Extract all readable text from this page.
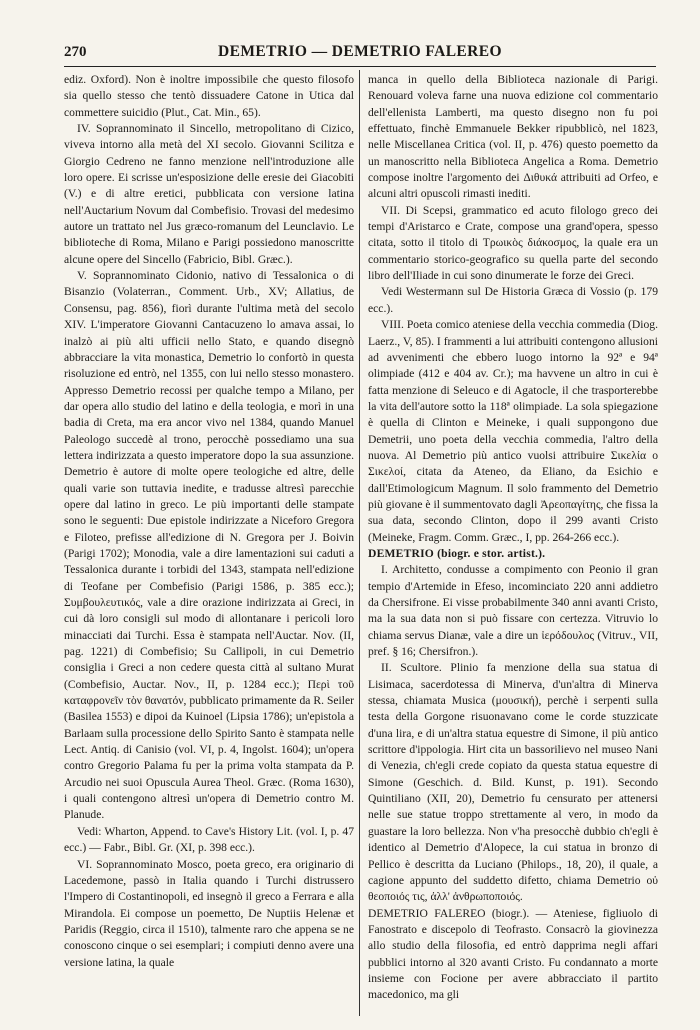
270	DEMETRIO — DEMETRIO FALEREO

ediz. Oxford). Non è inoltre impossibile che questo filosofo sia quello stesso che tentò dissuadere Catone in Utica dal commettere suicidio (Plut., Cat. Min., 65).

IV. Soprannominato il Sincello, metropolitano di Cizico, viveva intorno alla metà del XI secolo. Giovanni Scilitza e Giorgio Cedreno ne fanno menzione nell'introduzione alle loro opere. Ei scrisse un'esposizione delle eresie dei Giacobiti (V.) e di altre eretici, pubblicata con versione latina nell'Auctarium Novum dal Combefisio. Trovasi del medesimo autore un trattato nel Jus græco-romanum del Leunclavio. Le biblioteche di Roma, Milano e Parigi possiedono manoscritte alcune opere del Sincello (Fabricio, Bibl. Græc.).

V. Soprannominato Cidonio, nativo di Tessalonica o di Bisanzio (Volaterran., Comment. Urb., XV; Allatius, de Consensu, pag. 856), fiorì durante l'ultima metà del secolo XIV. L'imperatore Giovanni Cantacuzeno lo amava assai, lo inalzò ai più alti ufficii nello Stato, e quando disegnò abbracciare la vita monastica, Demetrio lo confortò in questa risoluzione ed entrò, nel 1355, con lui nello stesso monastero. Appresso Demetrio recossi per qualche tempo a Milano, per dar opera allo studio del latino e della teologia, e morì in una badia di Creta, ma era ancor vivo nel 1384, quando Manuel Paleologo succedè al trono, perocchè possediamo una sua lettera indirizzata a questo imperatore dopo la sua assunzione. Demetrio è autore di molte opere teologiche ed altre, delle quali varie son tuttavia inedite, e tradusse altresì parecchie opere dal latino in greco. Le più importanti delle stampate sono le seguenti: Due epistole indirizzate a Niceforo Gregora e Filoteo, prefisse all'edizione di N. Gregora per J. Boivin (Parigi 1702); Monodia, vale a dire lamentazioni sui caduti a Tessalonica durante i torbidi del 1343, stampata nell'edizione di Teofane per Combefisio (Parigi 1586, p. 385 ecc.); Συμβουλευτικός, vale a dire orazione indirizzata ai Greci, in cui dà loro consigli sul modo di allontanare i pericoli loro minacciati dai Turchi. Essa è stampata nell'Auctar. Nov. (II, pag. 1221) di Combefisio; Su Callipoli, in cui Demetrio consiglia i Greci a non cedere questa città al sultano Murat (Combefisio, Auctar. Nov., II, p. 1284 ecc.); Περὶ τοῦ καταφρονεῖν τὸν θανατόν, pubblicato primamente da R. Seiler (Basilea 1553) e dipoi da Kuinoel (Lipsia 1786); un'epistola a Barlaam sulla processione dello Spirito Santo è stampata nelle Lect. Antiq. di Canisio (vol. VI, p. 4, Ingolst. 1604); un'opera contro Gregorio Palama fu per la prima volta stampata da P. Arcudio nei suoi Opuscula Aurea Theol. Græc. (Roma 1630), i quali contengono altresì un'opera di Demetrio contro M. Planude.

Vedi: Wharton, Append. to Cave's History Lit. (vol. I, p. 47 ecc.) — Fabr., Bibl. Gr. (XI, p. 398 ecc.).

VI. Soprannominato Mosco, poeta greco, era originario di Lacedemone, passò in Italia quando i Turchi distrussero l'Impero di Costantinopoli, ed insegnò il greco a Ferrara e alla Mirandola. Ei compose un poemetto, De Nuptiis Helenæ et Paridis (Reggio, circa il 1510), talmente raro che appena se ne conoscono cinque o sei esemplari; i compiuti denno avere una versione latina, la quale

manca in quello della Biblioteca nazionale di Parigi. Renouard voleva farne una nuova edizione col commentario dell'ellenista Lamberti, ma questo disegno non fu poi effettuato, finchè Emmanuele Bekker ripubblicò, nel 1823, nelle Miscellanea Critica (vol. II, p. 476) questo poemetto da un manoscritto nella Biblioteca Angelica a Roma. Demetrio compose inoltre l'argomento dei Διθυκά attribuiti ad Orfeo, e alcuni altri opuscoli rimasti inediti.

VII. Di Scepsi, grammatico ed acuto filologo greco dei tempi d'Aristarco e Crate, compose una grand'opera, spesso citata, sotto il titolo di Τρωικὸς διάκοσμος, la quale era un commentario storico-geografico su quella parte del secondo libro dell'Iliade in cui sono dinumerate le forze dei Greci.

Vedi Westermann sul De Historia Græca di Vossio (p. 179 ecc.).

VIII. Poeta comico ateniese della vecchia commedia (Diog. Laerz., V, 85). I frammenti a lui attribuiti contengono allusioni ad avvenimenti che ebbero luogo intorno la 92ª e 94ª olimpiade (412 e 404 av. Cr.); ma havvene un altro in cui è fatta menzione di Seleuco e di Agatocle, il che trasporterebbe la vita dell'autore sotto la 118ª olimpiade. La sola spiegazione è quella di Clinton e Meineke, i quali suppongono due Demetrii, uno poeta della vecchia commedia, l'altro della nuova. Al Demetrio più antico vuolsi attribuire Σικελία o Σικελοί, citata da Ateneo, da Eliano, da Esichio e dall'Etimologicum Magnum. Il solo frammento del Demetrio più giovane è il summentovato dagli Ἀρεοπαγίτης, che fissa la sua data, secondo Clinton, dopo il 299 avanti Cristo (Meineke, Fragm. Comm. Græc., I, pp. 264-266 ecc.).

DEMETRIO (biogr. e stor. artist.).

I. Architetto, condusse a compimento con Peonio il gran tempio d'Artemide in Efeso, incominciato 220 anni addietro da Chersifrone. Ei visse probabilmente 340 anni avanti Cristo, ma la sua data non si può fissare con certezza. Vitruvio lo chiama servus Dianæ, vale a dire un ἱερόδουλος (Vitruv., VII, pref. § 16; Chersifron.).

II. Scultore. Plinio fa menzione della sua statua di Lisimaca, sacerdotessa di Minerva, d'un'altra di Minerva stessa, chiamata Musica (μουσική), perchè i serpenti sulla testa della Gorgone risuonavano come le corde stuzzicate d'una lira, e di un'altra statua equestre di Simone, il più antico scrittore d'ippologia. Hirt cita un bassorilievo nel museo Nani di Venezia, ch'egli crede copiato da questa statua equestre di Simone (Geschich. d. Bild. Kunst, p. 191). Secondo Quintiliano (XII, 20), Demetrio fu censurato per attenersi nelle sue statue troppo strettamente al vero, in modo da guastare la loro bellezza. Non v'ha presocchè dubbio ch'egli è identico al Demetrio d'Alopece, la cui statua in bronzo di Pellico è descritta da Luciano (Philops., 18, 20), il quale, a cagione appunto del suddetto difetto, chiama Demetrio οὐ θεοποιός τις, ἀλλ' ἀνθρωποποιός.

DEMETRIO FALEREO (biogr.). — Ateniese, figliuolo di Fanostrato e discepolo di Teofrasto. Consacrò la giovinezza allo studio della filosofia, ed entrò dapprima negli affari pubblici intorno al 320 avanti Cristo. Fu condannato a morte insieme con Focione per avere abbracciato il partito macedonico, ma gli
